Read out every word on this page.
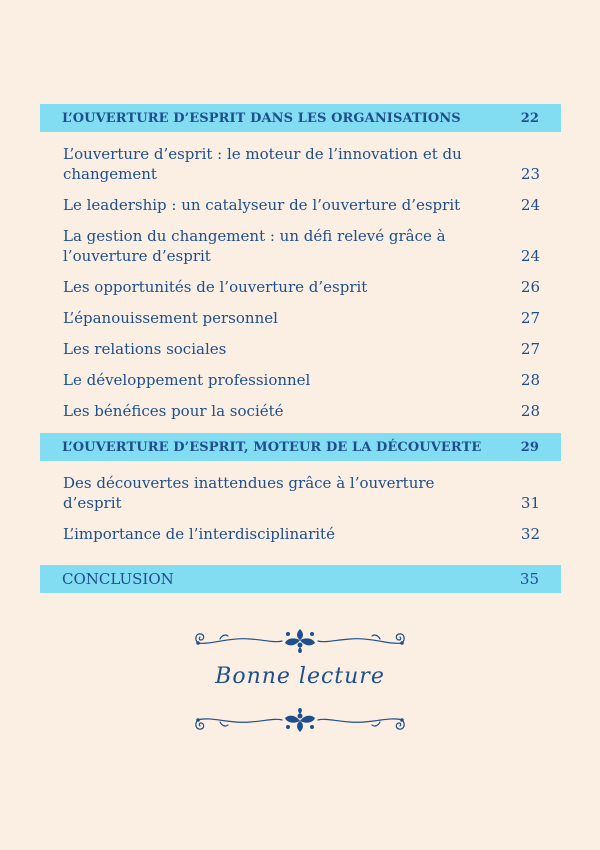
L’OUVERTURE D’ESPRIT DANS LES ORGANISATIONS	22
L’ouverture d’esprit : le moteur de l’innovation et du changement	23
Le leadership : un catalyseur de l’ouverture d’esprit	24
La gestion du changement : un défi relevé grâce à l’ouverture d’esprit	24
Les opportunités de l’ouverture d’esprit	26
L’épanouissement personnel	27
Les relations sociales	27
Le développement professionnel	28
Les bénéfices pour la société	28
L’OUVERTURE D’ESPRIT, MOTEUR DE LA DÉCOUVERTE	29
Des découvertes inattendues grâce à l’ouverture d’esprit	31
L’importance de l’interdisciplinarité	32
CONCLUSION	35
Bonne lecture
